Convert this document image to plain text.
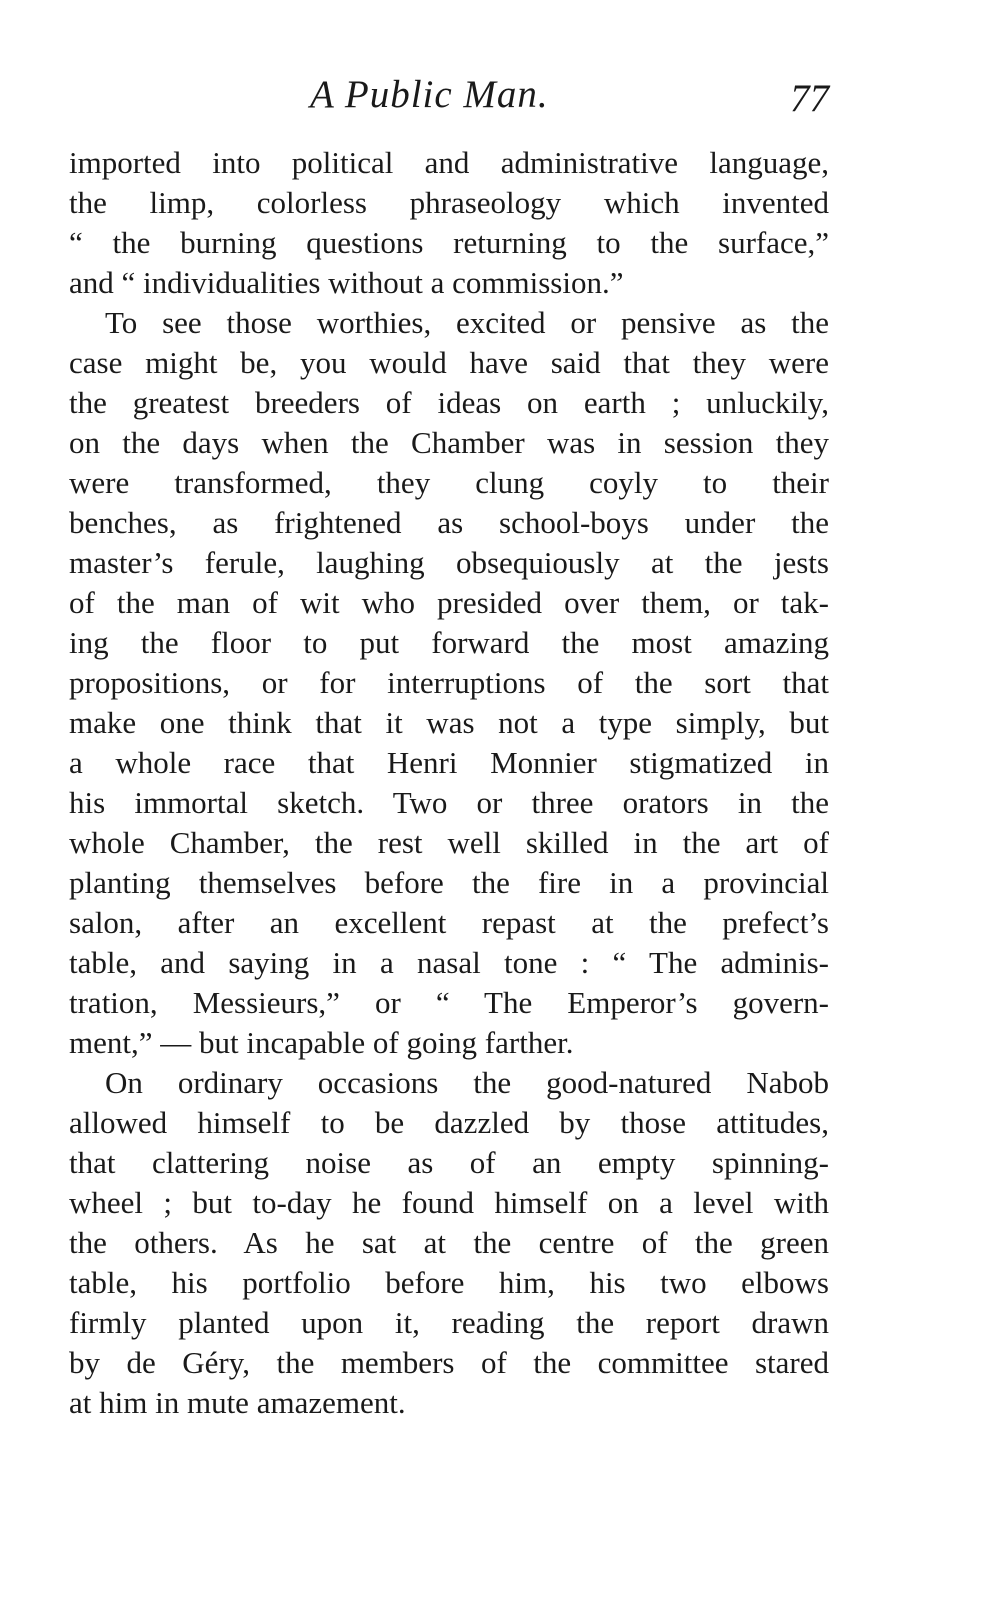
A Public Man.	77
imported into political and administrative language,
the limp, colorless phraseology which invented
“ the burning questions returning to the surface,”
and “ individualities without a commission.”
To see those worthies, excited or pensive as the
case might be, you would have said that they were
the greatest breeders of ideas on earth ; unluckily,
on the days when the Chamber was in session they
were transformed, they clung coyly to their
benches, as frightened as school-boys under the
master’s ferule, laughing obsequiously at the jests
of the man of wit who presided over them, or tak-
ing the floor to put forward the most amazing
propositions, or for interruptions of the sort that
make one think that it was not a type simply, but
a whole race that Henri Monnier stigmatized in
his immortal sketch. Two or three orators in the
whole Chamber, the rest well skilled in the art of
planting themselves before the fire in a provincial
salon, after an excellent repast at the prefect’s
table, and saying in a nasal tone : “ The adminis-
tration, Messieurs,” or “ The Emperor’s govern-
ment,” — but incapable of going farther.
On ordinary occasions the good-natured Nabob
allowed himself to be dazzled by those attitudes,
that clattering noise as of an empty spinning-
wheel ; but to-day he found himself on a level with
the others. As he sat at the centre of the green
table, his portfolio before him, his two elbows
firmly planted upon it, reading the report drawn
by de Géry, the members of the committee stared
at him in mute amazement.
